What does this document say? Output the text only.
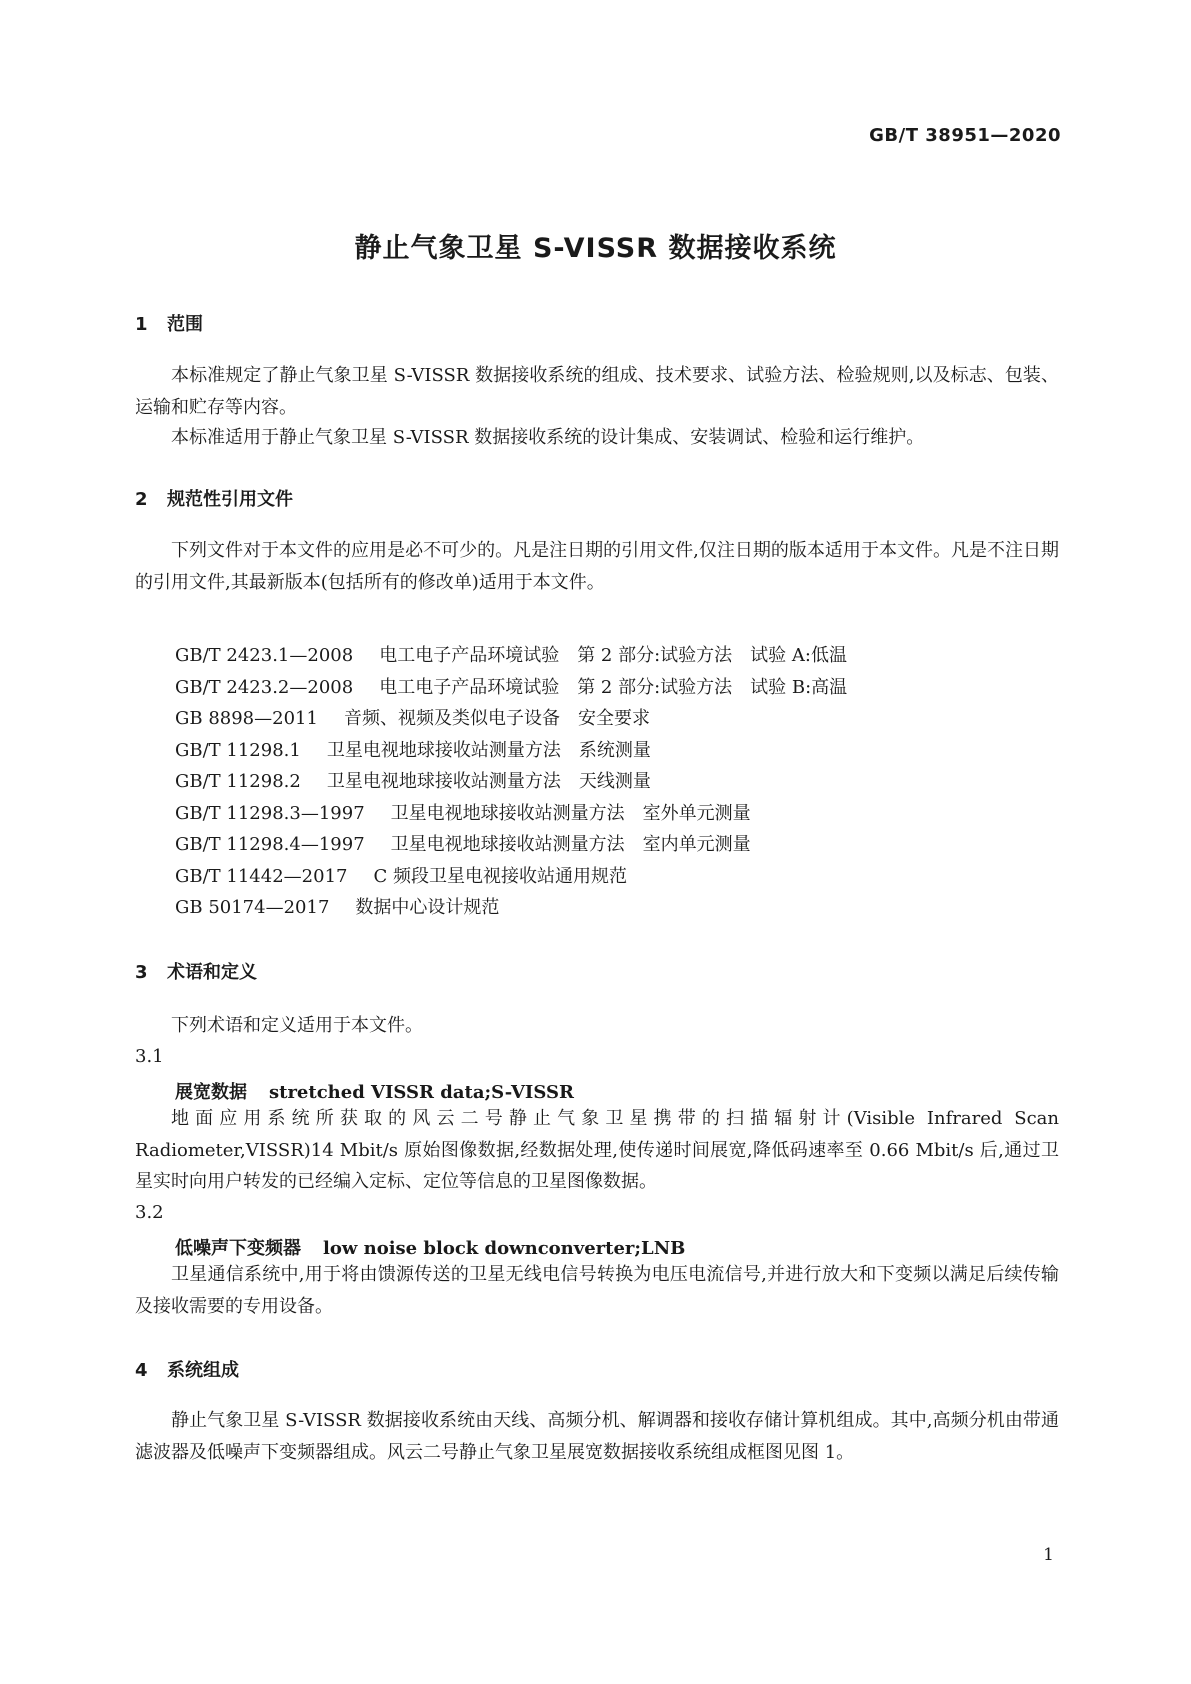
GB/T 38951—2020
静止气象卫星 S-VISSR 数据接收系统
1 范围

本标准规定了静止气象卫星 S-VISSR 数据接收系统的组成、技术要求、试验方法、检验规则,以及标志、包装、运输和贮存等内容。

本标准适用于静止气象卫星 S-VISSR 数据接收系统的设计集成、安装调试、检验和运行维护。

2 规范性引用文件

下列文件对于本文件的应用是必不可少的。凡是注日期的引用文件,仅注日期的版本适用于本文件。凡是不注日期的引用文件,其最新版本(包括所有的修改单)适用于本文件。

GB/T 2423.1—2008 电工电子产品环境试验　第 2 部分:试验方法　试验 A:低温
GB/T 2423.2—2008 电工电子产品环境试验　第 2 部分:试验方法　试验 B:高温
GB 8898—2011 音频、视频及类似电子设备　安全要求
GB/T 11298.1 卫星电视地球接收站测量方法　系统测量
GB/T 11298.2 卫星电视地球接收站测量方法　天线测量
GB/T 11298.3—1997 卫星电视地球接收站测量方法　室外单元测量
GB/T 11298.4—1997 卫星电视地球接收站测量方法　室内单元测量
GB/T 11442—2017 C 频段卫星电视接收站通用规范
GB 50174—2017 数据中心设计规范
3 术语和定义

下列术语和定义适用于本文件。

3.1
展宽数据 stretched VISSR data;S-VISSR

地面应用系统所获取的风云二号静止气象卫星携带的扫描辐射计(Visible Infrared Scan Radiometer,VISSR)14 Mbit/s 原始图像数据,经数据处理,使传递时间展宽,降低码速率至 0.66 Mbit/s 后,通过卫星实时向用户转发的已经编入定标、定位等信息的卫星图像数据。

3.2
低噪声下变频器 low noise block downconverter;LNB

卫星通信系统中,用于将由馈源传送的卫星无线电信号转换为电压电流信号,并进行放大和下变频以满足后续传输及接收需要的专用设备。

4 系统组成

静止气象卫星 S-VISSR 数据接收系统由天线、高频分机、解调器和接收存储计算机组成。其中,高频分机由带通滤波器及低噪声下变频器组成。风云二号静止气象卫星展宽数据接收系统组成框图见图 1。

1
